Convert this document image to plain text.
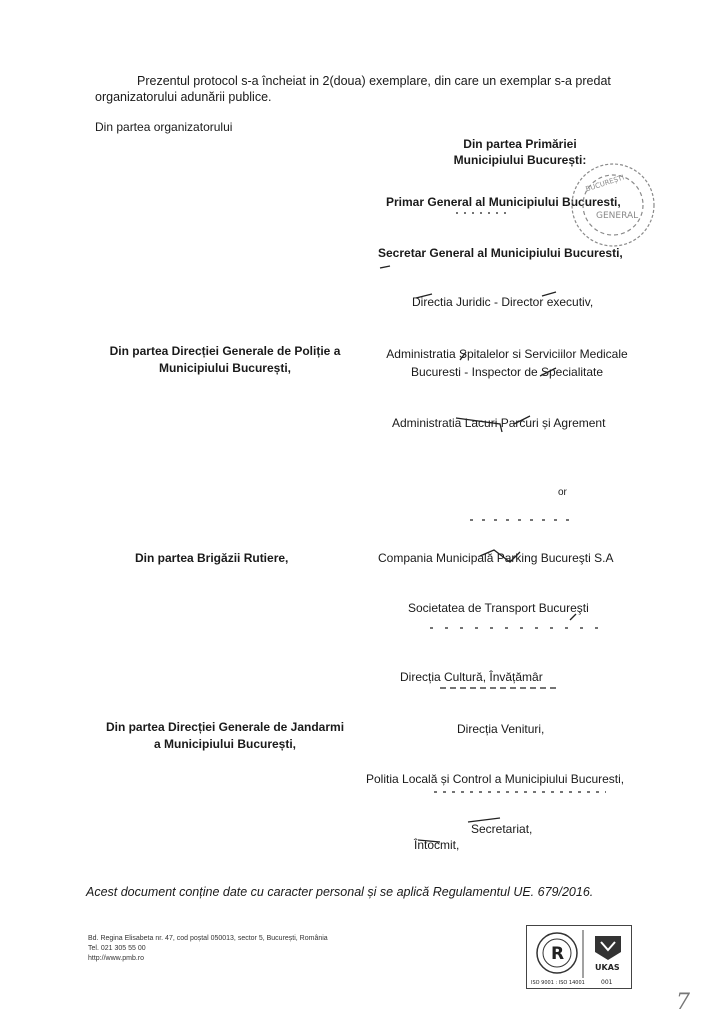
Prezentul protocol s-a încheiat in 2(doua) exemplare, din care un exemplar s-a predat
organizatorului adunării publice.
Din partea organizatorului
Din partea Direcției Generale de Poliție a
Municipiului București,
Din partea Brigăzii Rutiere,
Din partea Direcției Generale de Jandarmi
a Municipiului București,
Din partea Primăriei
Municipiului București:
Primar General al Municipiului Bucuresti,
Secretar General al Municipiului Bucuresti,
Directia Juridic - Director executiv,
Administratia Spitalelor si Serviciilor Medicale
Bucuresti - Inspector de Specialitate
Administratia Lacuri Parcuri și Agrement
or
Compania Municipală Parking Bucureşti S.A
Societatea de Transport Bucureşti
Direcția Cultură, Învățămâr
Direcția Venituri,
Politia Locală și Control a Municipiului Bucuresti,
Secretariat,
Întocmit,
BUCUREȘTI
GENERAL
Acest document conține date cu caracter personal și se aplică Regulamentul UE. 679/2016.
Bd. Regina Elisabeta nr. 47, cod poștal 050013, sector 5, București, România
Tel. 021 305 55 00
http://www.pmb.ro	R
UKAS
ISO 9001 : ISO 14001	001
7
